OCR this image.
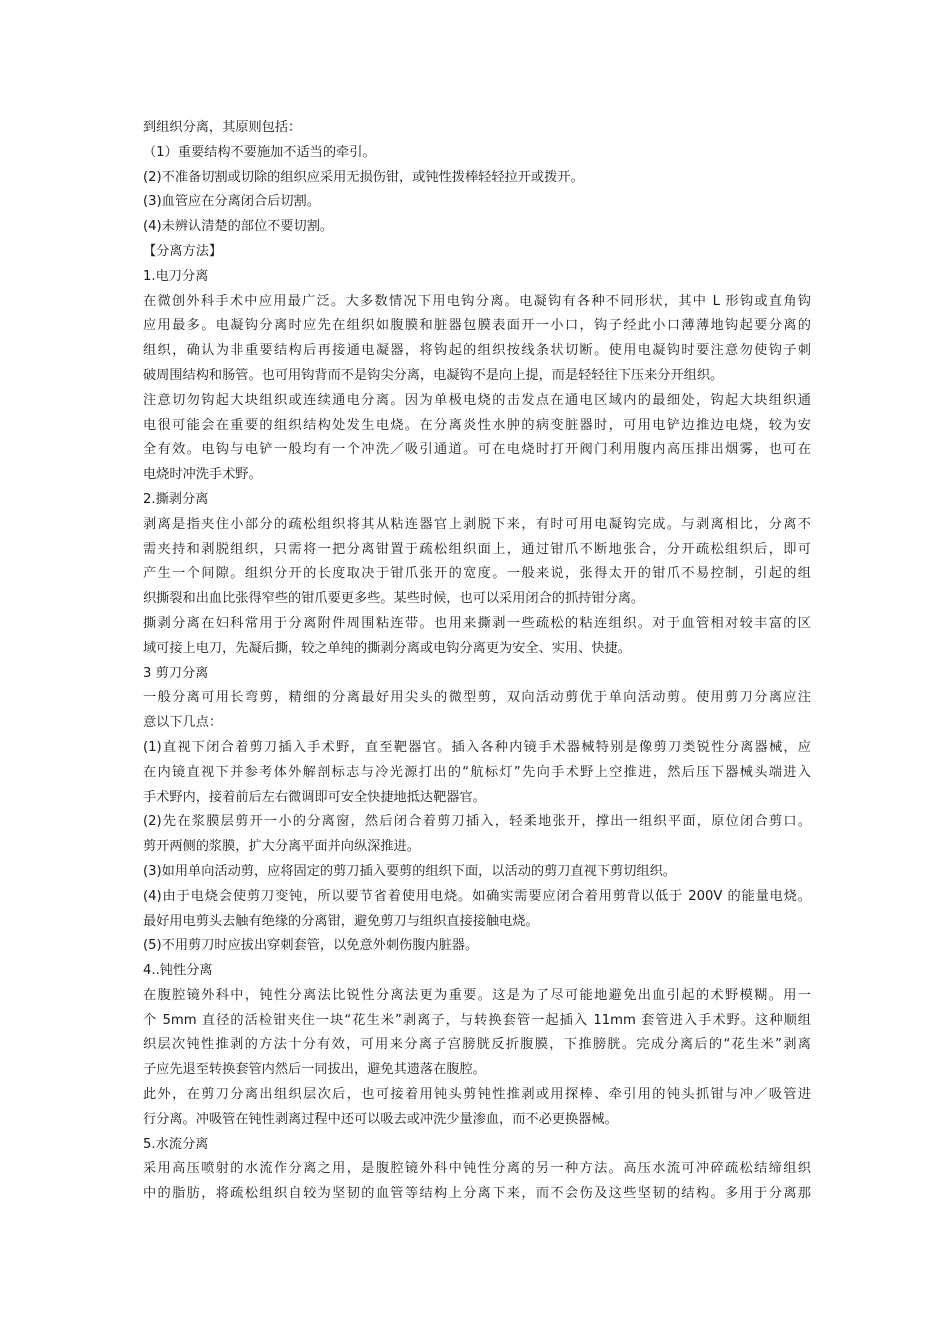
到组织分离，其原则包括：
（1）重要结构不要施加不适当的牵引。
(2)不准备切割或切除的组织应采用无损伤钳，或钝性拨棒轻轻拉开或拨开。
(3)血管应在分离闭合后切割。
(4)未辨认清楚的部位不要切割。
【分离方法】
1.电刀分离
在微创外科手术中应用最广泛。大多数情况下用电钩分离。电凝钩有各种不同形状，其中 L 形钩或直角钩
应用最多。电凝钩分离时应先在组织如腹膜和脏器包膜表面开一小口，钩子经此小口薄薄地钩起要分离的
组织，确认为非重要结构后再接通电凝器，将钩起的组织按线条状切断。使用电凝钩时要注意勿使钩子刺
破周围结构和肠管。也可用钩背而不是钩尖分离，电凝钩不是向上提，而是轻轻往下压来分开组织。
注意切勿钩起大块组织或连续通电分离。因为单极电烧的击发点在通电区域内的最细处，钩起大块组织通
电很可能会在重要的组织结构处发生电烧。在分离炎性水肿的病变脏器时，可用电铲边推边电烧，较为安
全有效。电钩与电铲一般均有一个冲洗／吸引通道。可在电烧时打开阀门利用腹内高压排出烟雾，也可在
电烧时冲洗手术野。
2.撕剥分离
剥离是指夹住小部分的疏松组织将其从粘连器官上剥脱下来，有时可用电凝钩完成。与剥离相比，分离不
需夹持和剥脱组织，只需将一把分离钳置于疏松组织面上，通过钳爪不断地张合，分开疏松组织后，即可
产生一个间隙。组织分开的长度取决于钳爪张开的宽度。一般来说，张得太开的钳爪不易控制，引起的组
织撕裂和出血比张得窄些的钳爪要更多些。某些时候，也可以采用闭合的抓持钳分离。
撕剥分离在妇科常用于分离附件周围粘连带。也用来撕剥一些疏松的粘连组织。对于血管相对较丰富的区
域可接上电刀，先凝后撕，较之单纯的撕剥分离或电钩分离更为安全、实用、快捷。
3 剪刀分离
一般分离可用长弯剪，精细的分离最好用尖头的微型剪，双向活动剪优于单向活动剪。使用剪刀分离应注
意以下几点：
(1)直视下闭合着剪刀插入手术野，直至靶器官。插入各种内镜手术器械特别是像剪刀类锐性分离器械，应
在内镜直视下并参考体外解剖标志与冷光源打出的“航标灯”先向手术野上空推进，然后压下器械头端进入
手术野内，接着前后左右微调即可安全快捷地抵达靶器官。
(2)先在浆膜层剪开一小的分离窗，然后闭合着剪刀插入，轻柔地张开，撑出一组织平面，原位闭合剪口。
剪开两侧的浆膜，扩大分离平面并向纵深推进。
(3)如用单向活动剪，应将固定的剪刀插入要剪的组织下面，以活动的剪刀直视下剪切组织。
(4)由于电烧会使剪刀变钝，所以要节省着使用电烧。如确实需要应闭合着用剪背以低于 200V 的能量电烧。
最好用电剪头去触有绝缘的分离钳，避免剪刀与组织直接接触电烧。
(5)不用剪刀时应拔出穿刺套管，以免意外刺伤腹内脏器。
4..钝性分离
在腹腔镜外科中，钝性分离法比锐性分离法更为重要。这是为了尽可能地避免出血引起的术野模糊。用一
个 5mm 直径的活检钳夹住一块“花生米”剥离子，与转换套管一起插入 11mm 套管进入手术野。这种顺组
织层次钝性推剥的方法十分有效，可用来分离子宫膀胱反折腹膜，下推膀胱。完成分离后的“花生米”剥离
子应先退至转换套管内然后一同拔出，避免其遗落在腹腔。
此外，在剪刀分离出组织层次后，也可接着用钝头剪钝性推剥或用探棒、牵引用的钝头抓钳与冲／吸管进
行分离。冲吸管在钝性剥离过程中还可以吸去或冲洗少量渗血，而不必更换器械。
5.水流分离
采用高压喷射的水流作分离之用，是腹腔镜外科中钝性分离的另一种方法。高压水流可冲碎疏松结缔组织
中的脂肪，将疏松组织自较为坚韧的血管等结构上分离下来，而不会伤及这些坚韧的结构。多用于分离那
